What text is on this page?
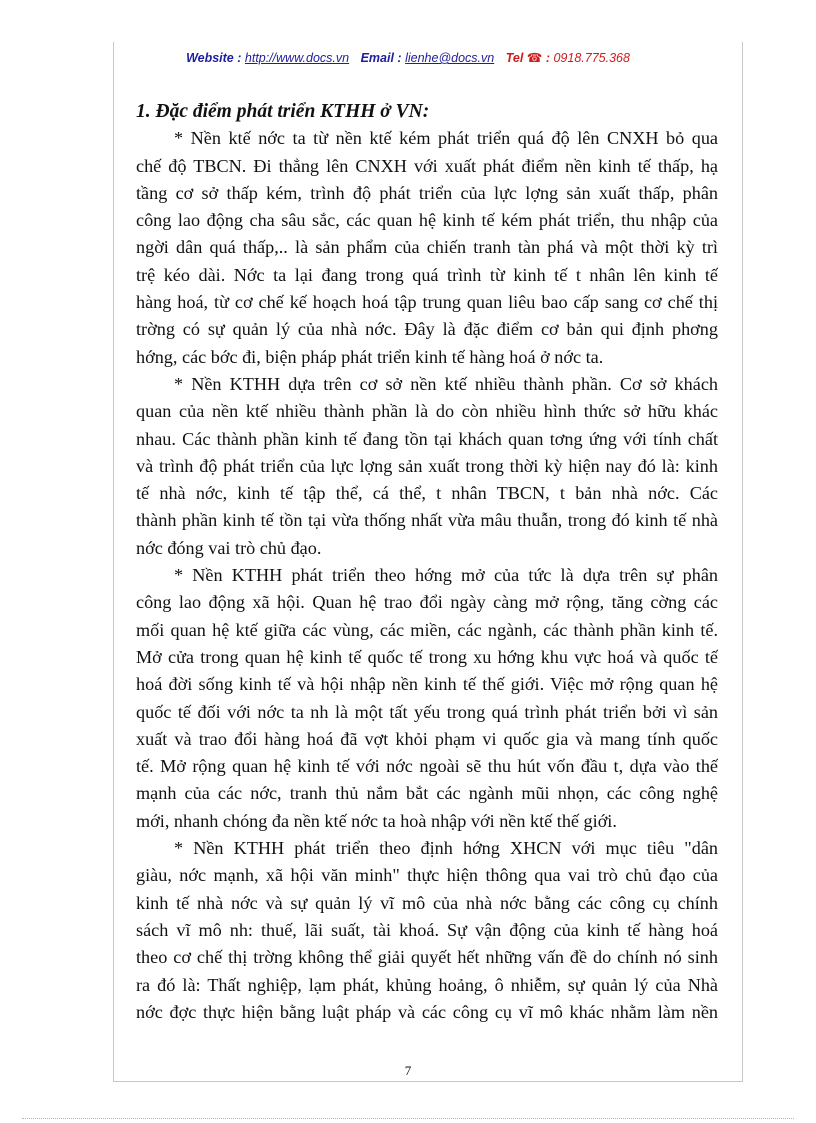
Website : http://www.docs.vn Email : lienhe@docs.vn Tel ☎ : 0918.775.368
1. Đặc điểm phát triển KTHH ở VN:
* Nền ktế nớc ta từ nền ktế kém phát triển quá độ lên CNXH bỏ qua
chế độ TBCN. Đi thẳng lên CNXH với xuất phát điểm nền kinh tế thấp, hạ
tầng cơ sở thấp kém, trình độ phát triển của lực lợng sản xuất thấp, phân
công lao động cha sâu sắc, các quan hệ kinh tế kém phát triển, thu nhập của
ngời dân quá thấp,.. là sản phẩm của chiến tranh tàn phá và một thời kỳ trì
trệ kéo dài. Nớc ta lại đang trong quá trình từ kinh tế t nhân lên kinh tế
hàng hoá, từ cơ chế kế hoạch hoá tập trung quan liêu bao cấp sang cơ chế thị
trờng có sự quản lý của nhà nớc. Đây là đặc điểm cơ bản qui định phơng
hớng, các bớc đi, biện pháp phát triển kinh tế hàng hoá ở nớc ta.
* Nền KTHH dựa trên cơ sở nền ktế nhiều thành phần. Cơ sở khách
quan của nền ktế nhiều thành phần là do còn nhiều hình thức sở hữu khác
nhau. Các thành phần kinh tế đang tồn tại khách quan tơng ứng với tính chất
và trình độ phát triển của lực lợng sản xuất trong thời kỳ hiện nay đó là: kinh
tế nhà nớc, kinh tế tập thể, cá thể, t nhân TBCN, t bản nhà nớc. Các
thành phần kinh tế tồn tại vừa thống nhất vừa mâu thuẫn, trong đó kinh tế nhà
nớc đóng vai trò chủ đạo.
* Nền KTHH phát triển theo hớng mở của tức là dựa trên sự phân
công lao động xã hội. Quan hệ trao đổi ngày càng mở rộng, tăng cờng các
mối quan hệ ktế giữa các vùng, các miền, các ngành, các thành phần kinh tế.
Mở cửa trong quan hệ kinh tế quốc tế trong xu hớng khu vực hoá và quốc tế
hoá đời sống kinh tế và hội nhập nền kinh tế thế giới. Việc mở rộng quan hệ
quốc tế đối với nớc ta nh là một tất yếu trong quá trình phát triển bởi vì sản
xuất và trao đổi hàng hoá đã vợt khỏi phạm vi quốc gia và mang tính quốc
tế. Mở rộng quan hệ kinh tế với nớc ngoài sẽ thu hút vốn đầu t, dựa vào thế
mạnh của các nớc, tranh thủ nắm bắt các ngành mũi nhọn, các công nghệ
mới, nhanh chóng đa nền ktế nớc ta hoà nhập với nền ktế thế giới.
* Nền KTHH phát triển theo định hớng XHCN với mục tiêu "dân
giàu, nớc mạnh, xã hội văn minh" thực hiện thông qua vai trò chủ đạo của
kinh tế nhà nớc và sự quản lý vĩ mô của nhà nớc bằng các công cụ chính
sách vĩ mô nh: thuế, lãi suất, tài khoá. Sự vận động của kinh tế hàng hoá
theo cơ chế thị trờng không thể giải quyết hết những vấn đề do chính nó sinh
ra đó là: Thất nghiệp, lạm phát, khủng hoảng, ô nhiễm, sự quản lý của Nhà
nớc đợc thực hiện bằng luật pháp và các công cụ vĩ mô khác nhằm làm nền
7
